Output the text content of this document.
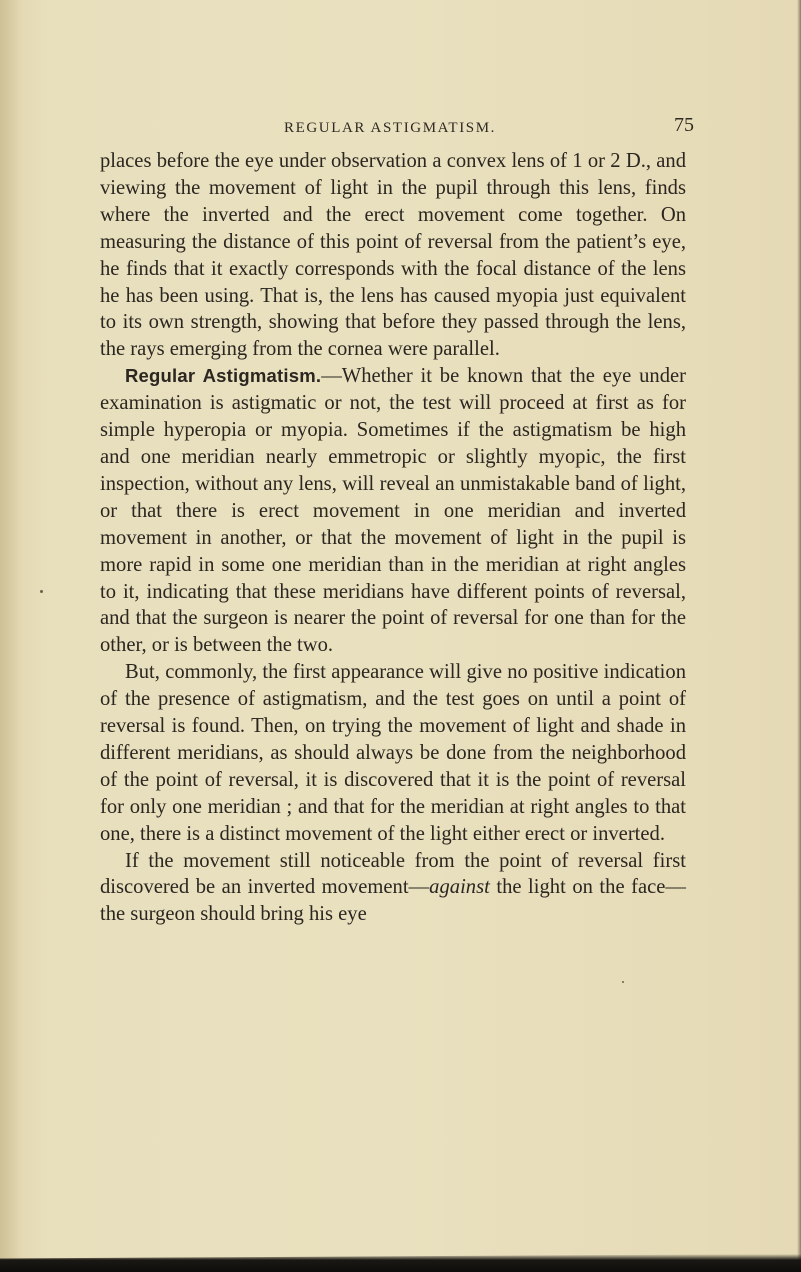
REGULAR ASTIGMATISM.	75

places before the eye under observation a convex lens of 1 or 2 D., and viewing the movement of light in the pupil through this lens, finds where the inverted and the erect movement come together. On measuring the distance of this point of reversal from the patient’s eye, he finds that it exactly corresponds with the focal distance of the lens he has been using. That is, the lens has caused myopia just equivalent to its own strength, showing that before they passed through the lens, the rays emerging from the cornea were parallel.

Regular Astigmatism.—Whether it be known that the eye under examination is astigmatic or not, the test will proceed at first as for simple hyperopia or myopia. Sometimes if the astigmatism be high and one meridian nearly emmetropic or slightly myopic, the first inspection, without any lens, will reveal an unmistakable band of light, or that there is erect movement in one meridian and inverted movement in another, or that the movement of light in the pupil is more rapid in some one meridian than in the meridian at right angles to it, indicating that these meridians have different points of reversal, and that the surgeon is nearer the point of reversal for one than for the other, or is between the two.

But, commonly, the first appearance will give no positive indication of the presence of astigmatism, and the test goes on until a point of reversal is found. Then, on trying the movement of light and shade in different meridians, as should always be done from the neighborhood of the point of reversal, it is discovered that it is the point of reversal for only one meridian ; and that for the meridian at right angles to that one, there is a distinct movement of the light either erect or inverted.

If the movement still noticeable from the point of reversal first discovered be an inverted movement—against the light on the face—the surgeon should bring his eye
